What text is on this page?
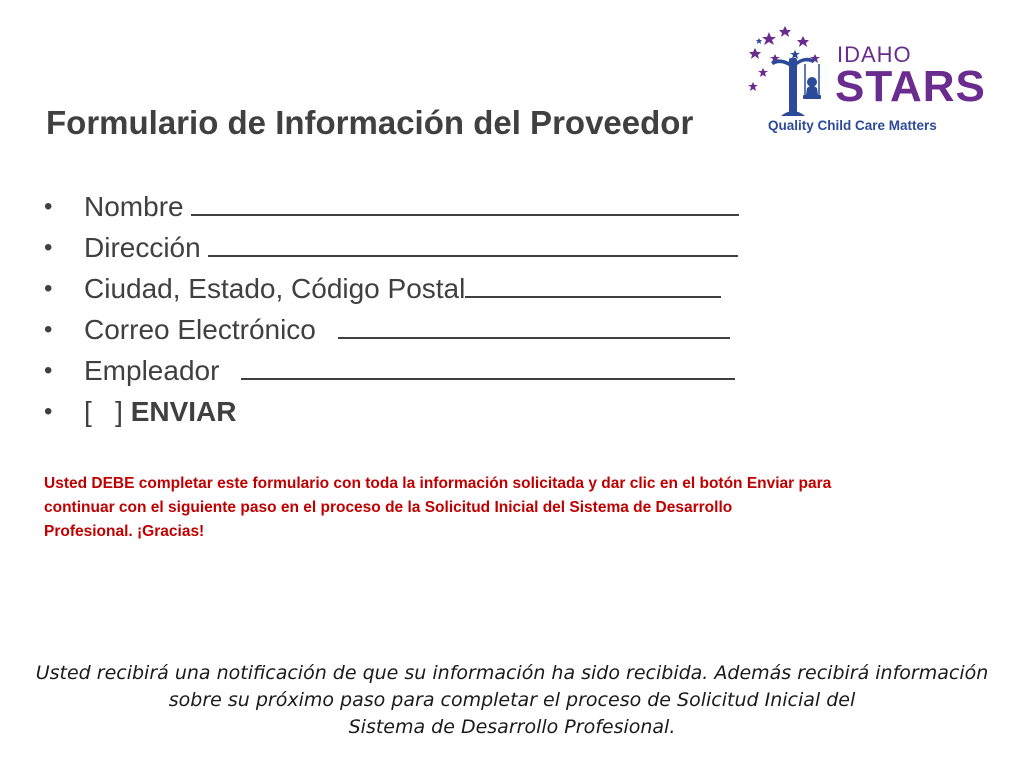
IDAHO
STARS
Quality Child Care Matters
Formulario de Información del Proveedor
• Nombre
• Dirección
• Ciudad, Estado, Código Postal
• Correo Electrónico
• Empleador
• [   ] ENVIAR

Usted DEBE completar este formulario con toda la información solicitada y dar clic en el botón Enviar para
continuar con el siguiente paso en el proceso de la Solicitud Inicial del Sistema de Desarrollo
Profesional. ¡Gracias!

Usted recibirá una notificación de que su información ha sido recibida. Además recibirá información
sobre su próximo paso para completar el proceso de Solicitud Inicial del
Sistema de Desarrollo Profesional.
